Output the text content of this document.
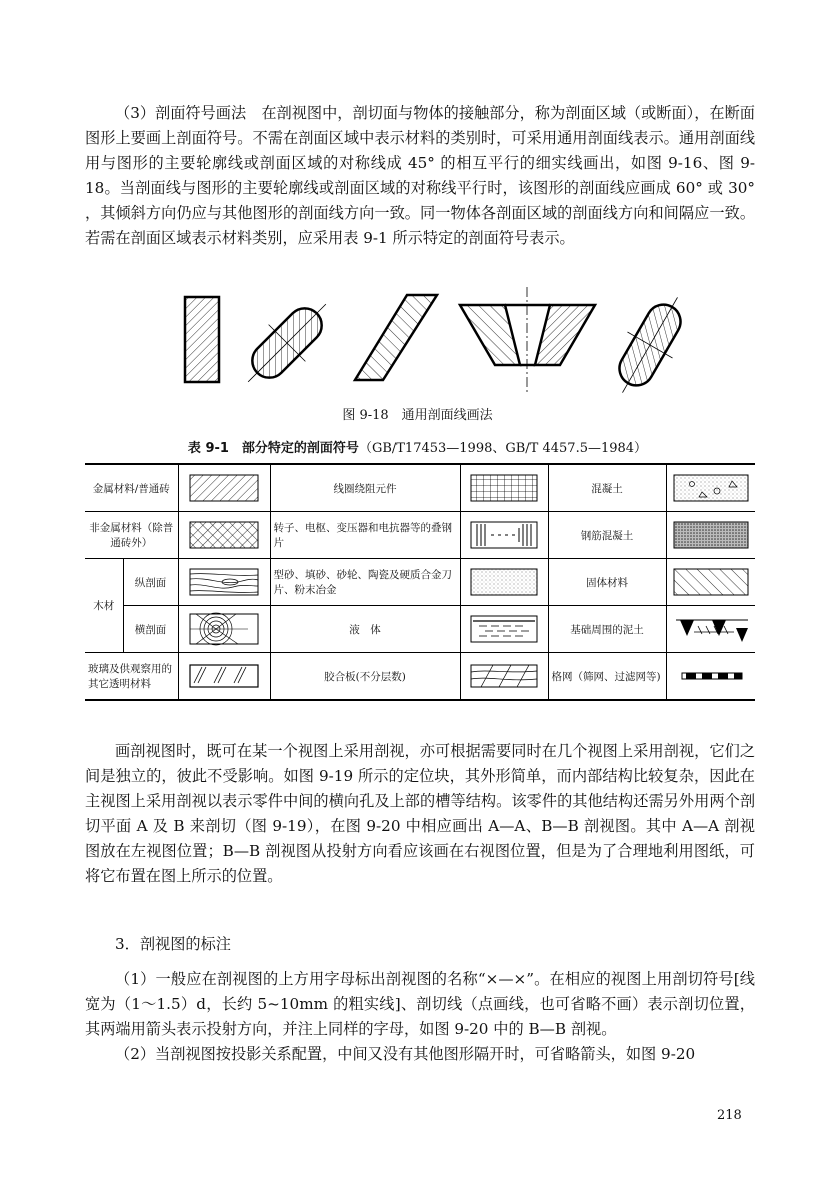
（3）剖面符号画法　在剖视图中，剖切面与物体的接触部分，称为剖面区域（或断面），在断面图形上要画上剖面符号。不需在剖面区域中表示材料的类别时，可采用通用剖面线表示。通用剖面线用与图形的主要轮廓线或剖面区域的对称线成 45° 的相互平行的细实线画出，如图 9-16、图 9-18。当剖面线与图形的主要轮廓线或剖面区域的对称线平行时，该图形的剖面线应画成 60° 或 30° ，其倾斜方向仍应与其他图形的剖面线方向一致。同一物体各剖面区域的剖面线方向和间隔应一致。若需在剖面区域表示材料类别，应采用表 9-1 所示特定的剖面符号表示。

图 9-18　通用剖面线画法

表 9-1　部分特定的剖面符号（GB/T17453—1998、GB/T 4457.5—1984）

金属材料/普通砖			线圈绕阻元件		混凝土	

非金属材料（除普通砖外）			转子、电枢、变压器和电抗器等的叠钢片		钢筋混凝土	

木材	纵剖面		型砂、填砂、砂轮、陶瓷及硬质合金刀片、粉末冶金		固体材料	

	横剖面		液　体		基础周围的泥土	

玻璃及供观察用的其它透明材料			胶合板(不分层数)		格网（筛网、过滤网等)	

画剖视图时，既可在某一个视图上采用剖视，亦可根据需要同时在几个视图上采用剖视，它们之间是独立的，彼此不受影响。如图 9-19 所示的定位块，其外形简单，而内部结构比较复杂，因此在主视图上采用剖视以表示零件中间的横向孔及上部的槽等结构。该零件的其他结构还需另外用两个剖切平面 A 及 B 来剖切（图 9-19），在图 9-20 中相应画出 A—A、B—B 剖视图。其中 A—A 剖视图放在左视图位置；B—B 剖视图从投射方向看应该画在右视图位置，但是为了合理地利用图纸，可将它布置在图上所示的位置。

3．剖视图的标注

（1）一般应在剖视图的上方用字母标出剖视图的名称“×—×”。在相应的视图上用剖切符号[线宽为（1～1.5）d，长约 5~10mm 的粗实线]、剖切线（点画线，也可省略不画）表示剖切位置，其两端用箭头表示投射方向，并注上同样的字母，如图 9-20 中的 B—B 剖视。

（2）当剖视图按投影关系配置，中间又没有其他图形隔开时，可省略箭头，如图 9-20

218
